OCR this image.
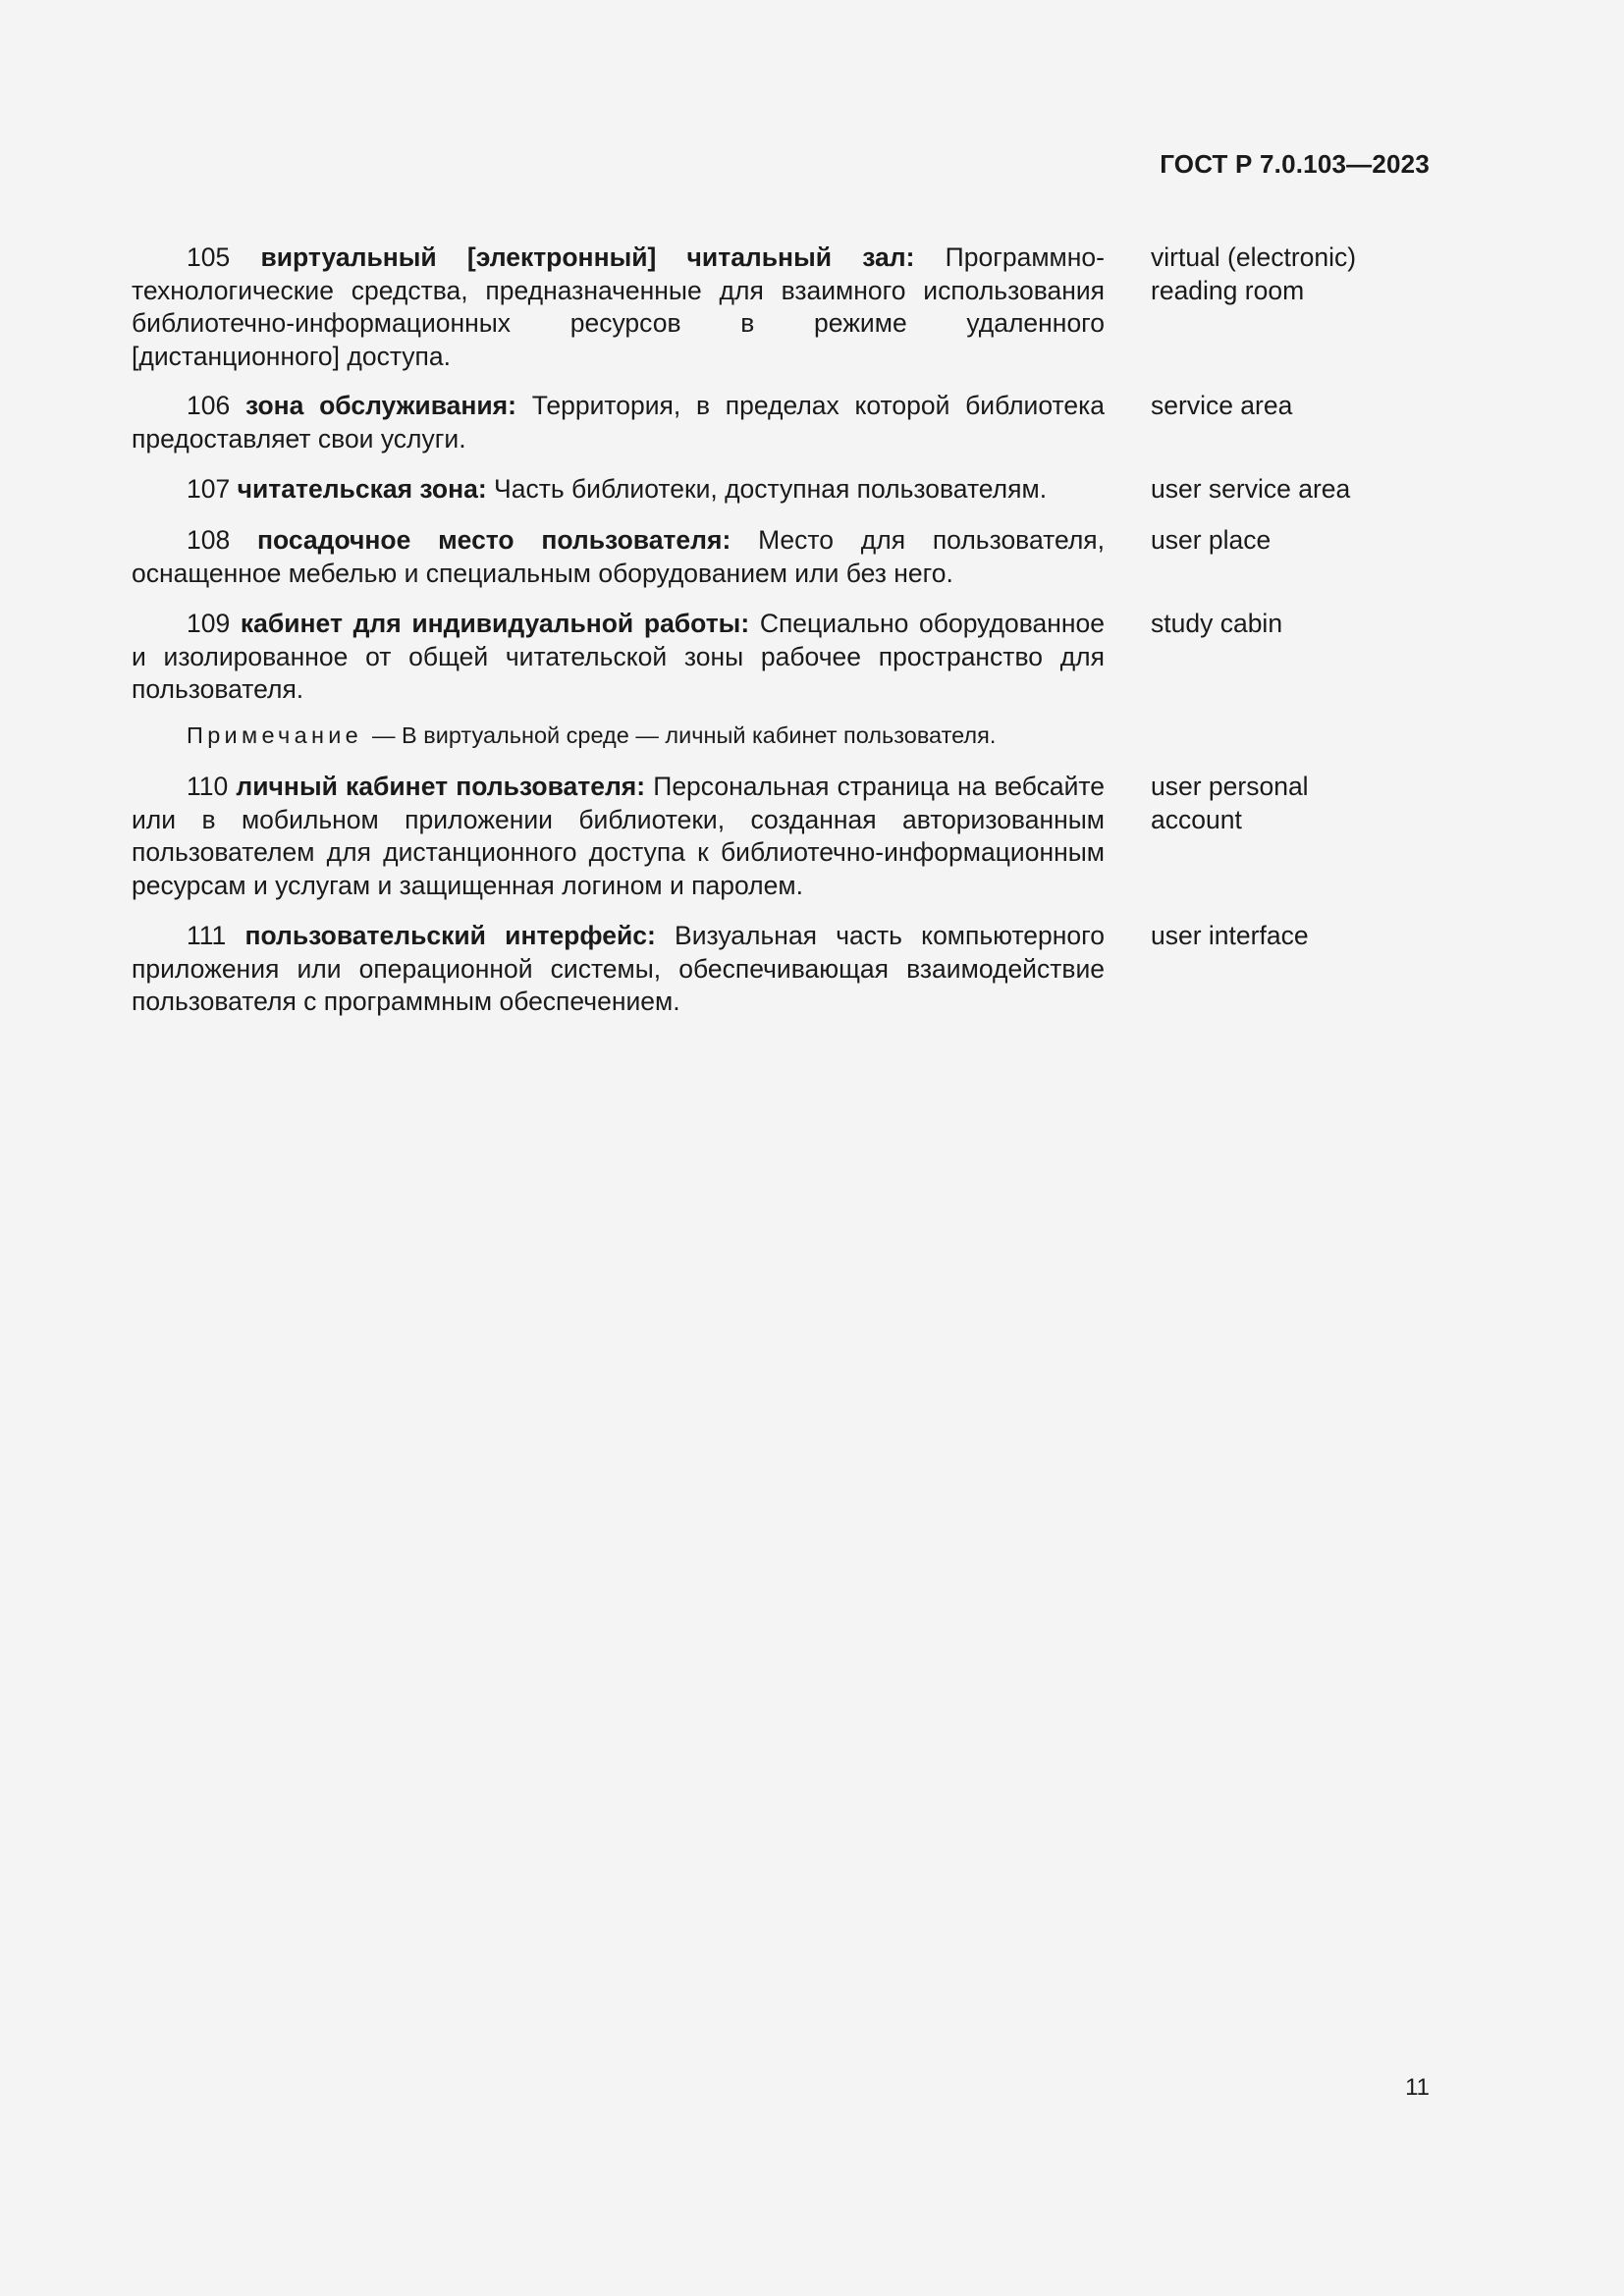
ГОСТ Р 7.0.103—2023
105 виртуальный [электронный] читальный зал: Программно-технологические средства, предназначенные для взаимного использования библиотечно-информационных ресурсов в режиме удаленного [дистанционного] доступа.
virtual (electronic) reading room
106 зона обслуживания: Территория, в пределах которой библиотека предоставляет свои услуги.
service area
107 читательская зона: Часть библиотеки, доступная пользователям.	user service area
108 посадочное место пользователя: Место для пользователя, оснащенное мебелью и специальным оборудованием или без него.
user place
109 кабинет для индивидуальной работы: Специально оборудованное и изолированное от общей читательской зоны рабочее пространство для пользователя.
study cabin
Примечание — В виртуальной среде — личный кабинет пользователя.
110 личный кабинет пользователя: Персональная страница на вебсайте или в мобильном приложении библиотеки, созданная авторизованным пользователем для дистанционного доступа к библиотечно-информационным ресурсам и услугам и защищенная логином и паролем.
user personal account
111 пользовательский интерфейс: Визуальная часть компьютерного приложения или операционной системы, обеспечивающая взаимодействие пользователя с программным обеспечением.
user interface
11
